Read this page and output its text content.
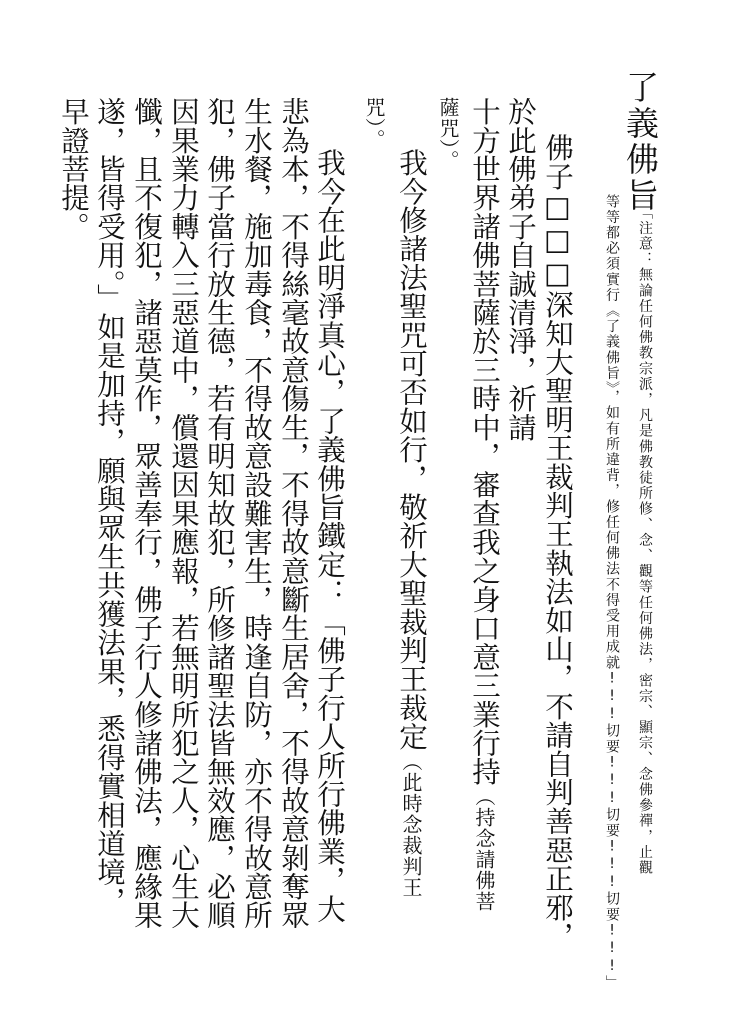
了義佛旨
「注意：無論任何佛教宗派，凡是佛教徒所修、念、觀等任何佛法，密宗、顯宗、念佛參禪，止觀
等等都必須實行《了義佛旨》，如有所違背，修任何佛法不得受用成就!!!切要!!!切要!!!切要!!!」
佛子□□□深知大聖明王裁判王執法如山，不請自判善惡正邪，
於此佛弟子自誠清淨，祈請
十方世界諸佛菩薩於三時中，審查我之身口意三業行持（持念請佛菩
薩咒）。
我今修諸法聖咒可否如行，敬祈大聖裁判王裁定（此時念裁判王
咒）。
我今在此明淨真心，了義佛旨鐵定：「佛子行人所行佛業，大
悲為本，不得絲毫故意傷生，不得故意斷生居舍，不得故意剝奪眾
生水餐，施加毒食，不得故意設難害生，時逢自防，亦不得故意所
犯，佛子當行放生德，若有明知故犯，所修諸聖法皆無效應，必順
因果業力轉入三惡道中，償還因果應報，若無明所犯之人，心生大
懺，且不復犯，諸惡莫作，眾善奉行，佛子行人修諸佛法，應緣果
遂，皆得受用。」如是加持，願與眾生共獲法果，悉得實相道境，
早證菩提。
